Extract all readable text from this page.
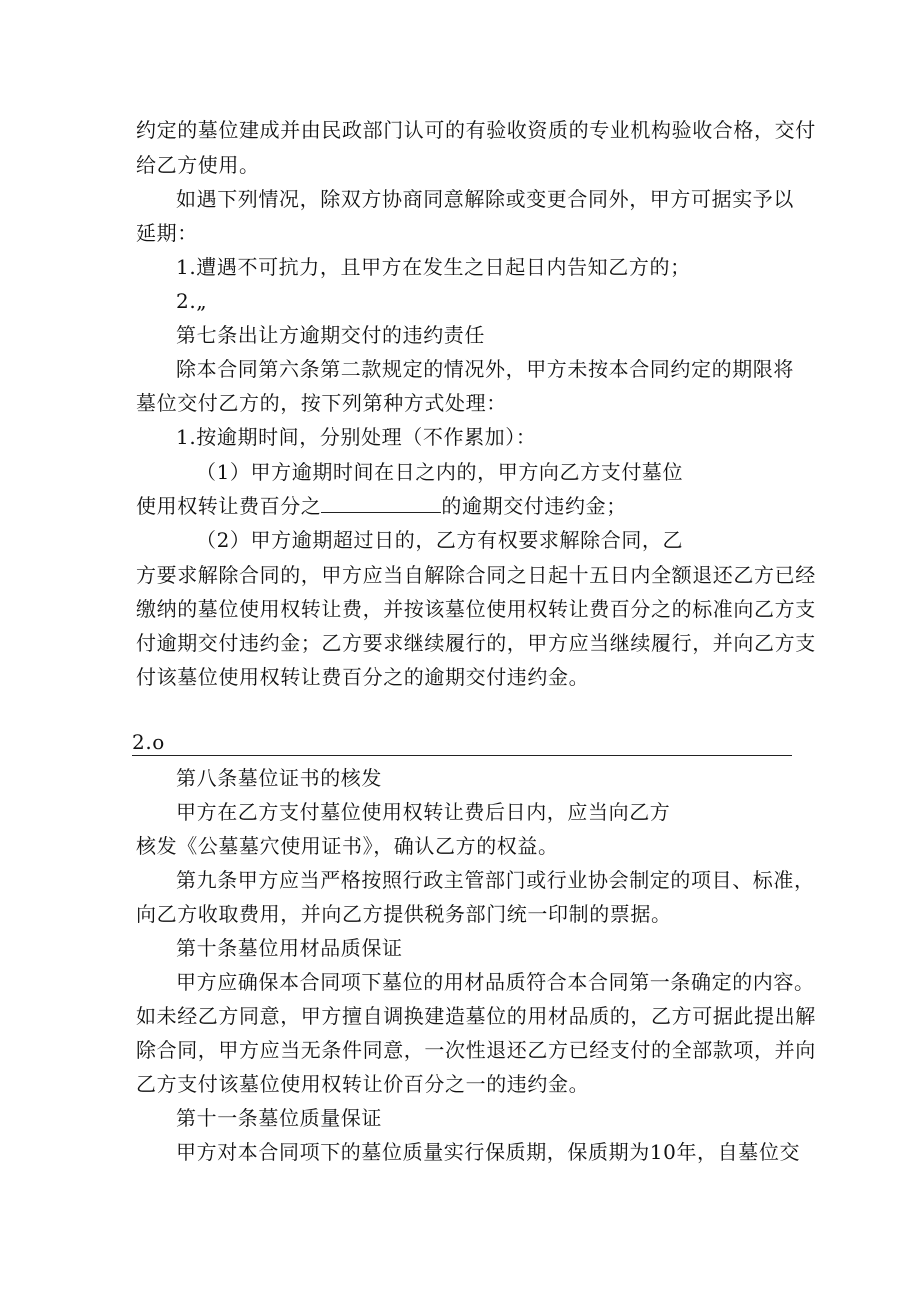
约定的墓位建成并由民政部门认可的有验收资质的专业机构验收合格，交付
给乙方使用。
如遇下列情况，除双方协商同意解除或变更合同外，甲方可据实予以
延期：
1.遭遇不可抗力，且甲方在发生之日起日内告知乙方的；
2.„
第七条出让方逾期交付的违约责任
除本合同第六条第二款规定的情况外，甲方未按本合同约定的期限将
墓位交付乙方的，按下列第种方式处理：
1.按逾期时间，分别处理（不作累加）：
（1）甲方逾期时间在日之内的，甲方向乙方支付墓位
使用权转让费百分之	的逾期交付违约金；
（2）甲方逾期超过日的，乙方有权要求解除合同，乙
方要求解除合同的，甲方应当自解除合同之日起十五日内全额退还乙方已经
缴纳的墓位使用权转让费，并按该墓位使用权转让费百分之的标准向乙方支
付逾期交付违约金；乙方要求继续履行的，甲方应当继续履行，并向乙方支
付该墓位使用权转让费百分之的逾期交付违约金。
2.o
第八条墓位证书的核发
甲方在乙方支付墓位使用权转让费后日内，应当向乙方
核发《公墓墓穴使用证书》，确认乙方的权益。
第九条甲方应当严格按照行政主管部门或行业协会制定的项目、标准，
向乙方收取费用，并向乙方提供税务部门统一印制的票据。
第十条墓位用材品质保证
甲方应确保本合同项下墓位的用材品质符合本合同第一条确定的内容。
如未经乙方同意，甲方擅自调换建造墓位的用材品质的，乙方可据此提出解
除合同，甲方应当无条件同意，一次性退还乙方已经支付的全部款项，并向
乙方支付该墓位使用权转让价百分之一的违约金。
第十一条墓位质量保证
甲方对本合同项下的墓位质量实行保质期，保质期为10年，自墓位交
